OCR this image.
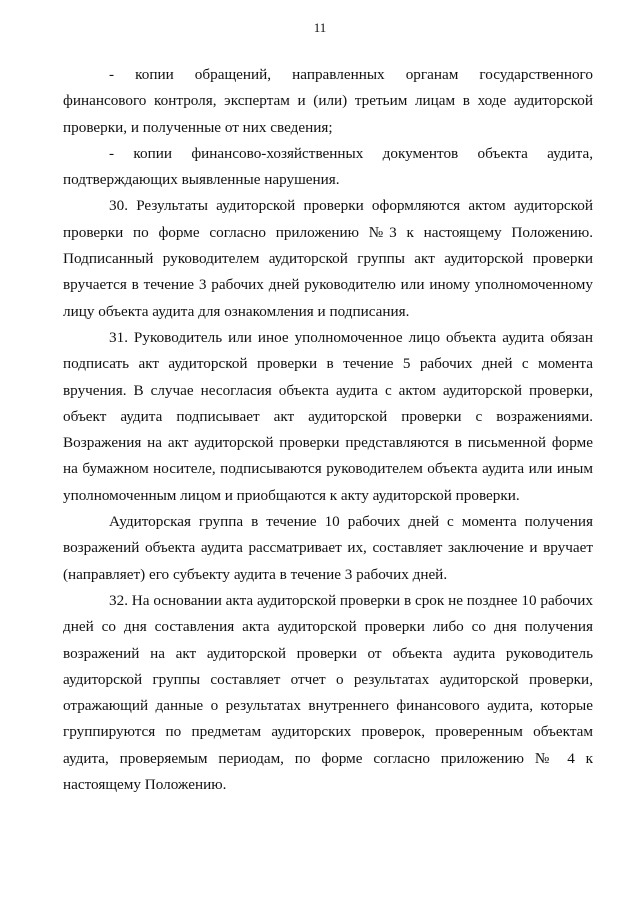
11

- копии обращений, направленных органам государственного финансового контроля, экспертам и (или) третьим лицам в ходе аудиторской проверки, и полученные от них сведения;

- копии финансово-хозяйственных документов объекта аудита, подтверждающих выявленные нарушения.

30. Результаты аудиторской проверки оформляются актом аудиторской проверки по форме согласно приложению №3 к настоящему Положению. Подписанный руководителем аудиторской группы акт аудиторской проверки вручается в течение 3 рабочих дней руководителю или иному уполномоченному лицу объекта аудита для ознакомления и подписания.

31. Руководитель или иное уполномоченное лицо объекта аудита обязан подписать акт аудиторской проверки в течение 5 рабочих дней с момента вручения. В случае несогласия объекта аудита с актом аудиторской проверки, объект аудита подписывает акт аудиторской проверки с возражениями. Возражения на акт аудиторской проверки представляются в письменной форме на бумажном носителе, подписываются руководителем объекта аудита или иным уполномоченным лицом и приобщаются к акту аудиторской проверки.

Аудиторская группа в течение 10 рабочих дней с момента получения возражений объекта аудита рассматривает их, составляет заключение и вручает (направляет) его субъекту аудита в течение 3 рабочих дней.

32. На основании акта аудиторской проверки в срок не позднее 10 рабочих дней со дня составления акта аудиторской проверки либо со дня получения возражений на акт аудиторской проверки от объекта аудита руководитель аудиторской группы составляет отчет о результатах аудиторской проверки, отражающий данные о результатах внутреннего финансового аудита, которые группируются по предметам аудиторских проверок, проверенным объектам аудита, проверяемым периодам, по форме согласно приложению № 4 к настоящему Положению.
